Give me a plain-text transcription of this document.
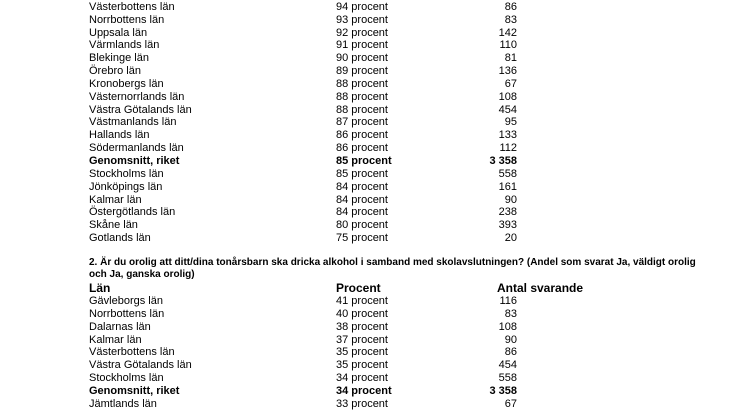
Västerbottens län	94 procent	86
Norrbottens län	93 procent	83
Uppsala län	92 procent	142
Värmlands län	91 procent	110
Blekinge län	90 procent	81
Örebro län	89 procent	136
Kronobergs län	88 procent	67
Västernorrlands län	88 procent	108
Västra Götalands län	88 procent	454
Västmanlands län	87 procent	95
Hallands län	86 procent	133
Södermanlands län	86 procent	112
Genomsnitt, riket	85 procent	3 358
Stockholms län	85 procent	558
Jönköpings län	84 procent	161
Kalmar län	84 procent	90
Östergötlands län	84 procent	238
Skåne län	80 procent	393
Gotlands län	75 procent	20
2. Är du orolig att ditt/dina tonårsbarn ska dricka alkohol i samband med skolavslutningen? (Andel som svarat Ja, väldigt orolig och Ja, ganska orolig)
Län	Procent	Antal svarande
Gävleborgs län	41 procent	116
Norrbottens län	40 procent	83
Dalarnas län	38 procent	108
Kalmar län	37 procent	90
Västerbottens län	35 procent	86
Västra Götalands län	35 procent	454
Stockholms län	34 procent	558
Genomsnitt, riket	34 procent	3 358
Jämtlands län	33 procent	67
